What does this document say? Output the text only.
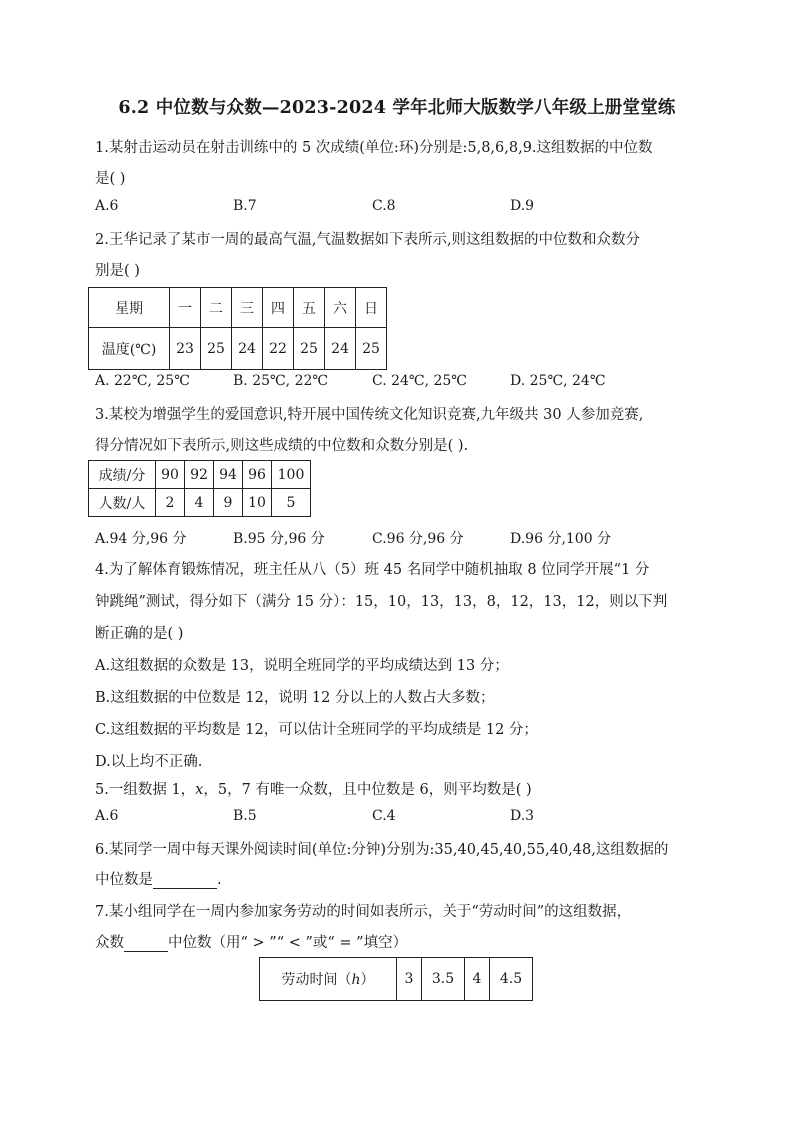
6.2 中位数与众数—2023-2024 学年北师大版数学八年级上册堂堂练
1.某射击运动员在射击训练中的 5 次成绩(单位:环)分别是:5,8,6,8,9.这组数据的中位数
是( )
A.6	B.7	C.8	D.9
2.王华记录了某市一周的最高气温,气温数据如下表所示,则这组数据的中位数和众数分
别是( )
星期	一	二	三	四	五	六	日
温度(℃)	23	25	24	22	25	24	25
A. 22℃, 25℃	B. 25℃, 22℃	C. 24℃, 25℃	D. 25℃, 24℃
3.某校为增强学生的爱国意识,特开展中国传统文化知识竞赛,九年级共 30 人参加竞赛,
得分情况如下表所示,则这些成绩的中位数和众数分别是( ).
成绩/分	90	92	94	96	100
人数/人	2	4	9	10	5
A.94 分,96 分	B.95 分,96 分	C.96 分,96 分	D.96 分,100 分
4.为了解体育锻炼情况，班主任从八（5）班 45 名同学中随机抽取 8 位同学开展“1 分
钟跳绳”测试，得分如下（满分 15 分）：15，10，13，13，8，12，13，12，则以下判
断正确的是( )
A.这组数据的众数是 13，说明全班同学的平均成绩达到 13 分；
B.这组数据的中位数是 12，说明 12 分以上的人数占大多数；
C.这组数据的平均数是 12，可以估计全班同学的平均成绩是 12 分；
D.以上均不正确.
5.一组数据 1，x，5，7 有唯一众数，且中位数是 6，则平均数是( )
A.6	B.5	C.4	D.3
6.某同学一周中每天课外阅读时间(单位:分钟)分别为:35,40,45,40,55,40,48,这组数据的
中位数是	.
7.某小组同学在一周内参加家务劳动的时间如表所示，关于“劳动时间”的这组数据，
众数	中位数（用“ > ”“ < ”或“ = ”填空）
劳动时间（h）	3	3.5	4	4.5
